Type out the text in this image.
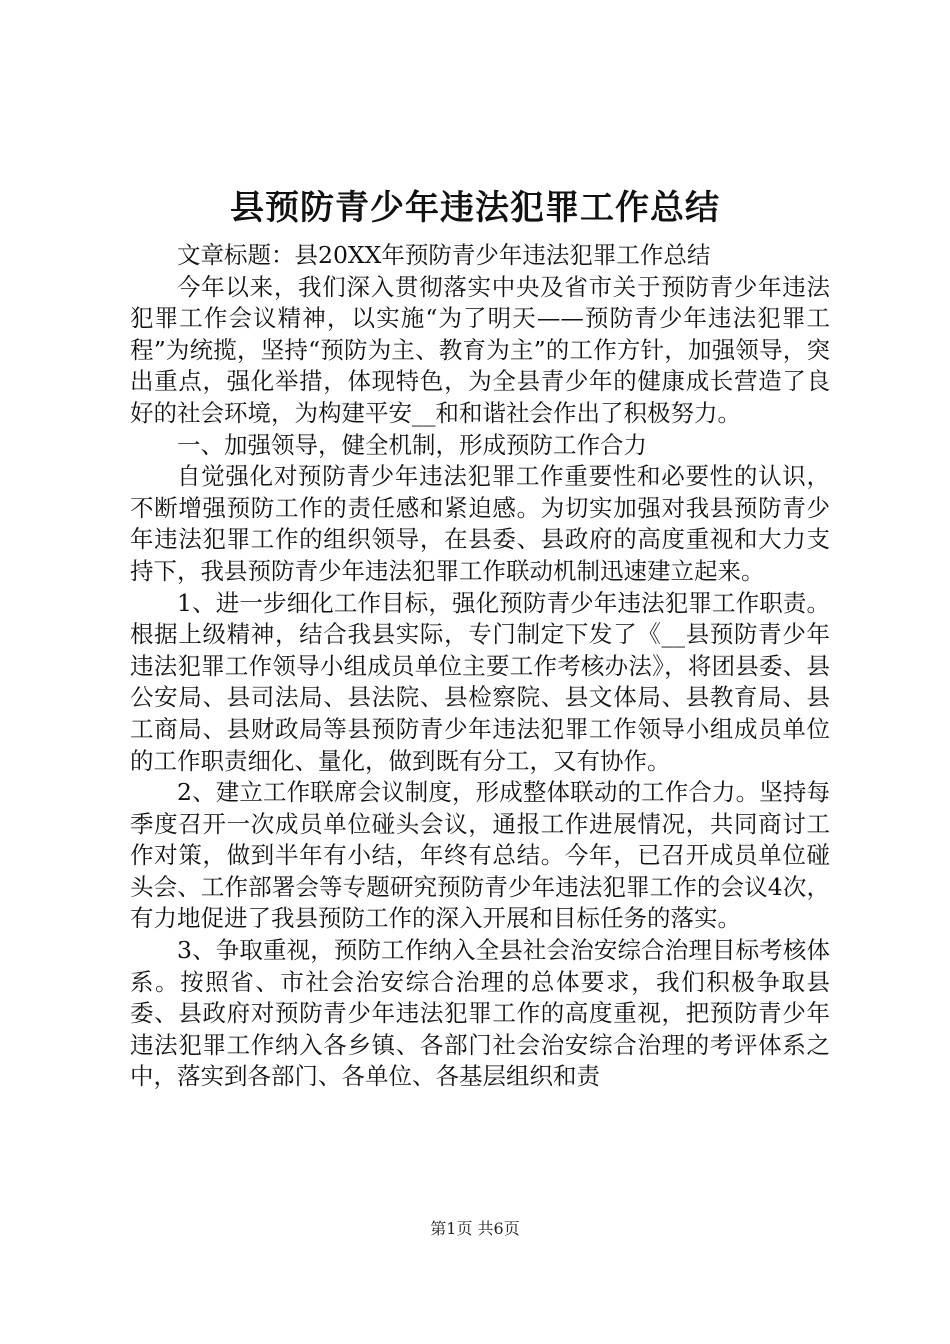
县预防青少年违法犯罪工作总结

文章标题：县20XX年预防青少年违法犯罪工作总结

今年以来，我们深入贯彻落实中央及省市关于预防青少年违法犯罪工作会议精神，以实施“为了明天——预防青少年违法犯罪工程”为统揽，坚持“预防为主、教育为主”的工作方针，加强领导，突出重点，强化举措，体现特色，为全县青少年的健康成长营造了良好的社会环境，为构建平安__和和谐社会作出了积极努力。

一、加强领导，健全机制，形成预防工作合力

自觉强化对预防青少年违法犯罪工作重要性和必要性的认识，不断增强预防工作的责任感和紧迫感。为切实加强对我县预防青少年违法犯罪工作的组织领导，在县委、县政府的高度重视和大力支持下，我县预防青少年违法犯罪工作联动机制迅速建立起来。

1、进一步细化工作目标，强化预防青少年违法犯罪工作职责。根据上级精神，结合我县实际，专门制定下发了《__县预防青少年违法犯罪工作领导小组成员单位主要工作考核办法》，将团县委、县公安局、县司法局、县法院、县检察院、县文体局、县教育局、县工商局、县财政局等县预防青少年违法犯罪工作领导小组成员单位的工作职责细化、量化，做到既有分工，又有协作。

2、建立工作联席会议制度，形成整体联动的工作合力。坚持每季度召开一次成员单位碰头会议，通报工作进展情况，共同商讨工作对策，做到半年有小结，年终有总结。今年，已召开成员单位碰头会、工作部署会等专题研究预防青少年违法犯罪工作的会议4次，有力地促进了我县预防工作的深入开展和目标任务的落实。

3、争取重视，预防工作纳入全县社会治安综合治理目标考核体系。按照省、市社会治安综合治理的总体要求，我们积极争取县委、县政府对预防青少年违法犯罪工作的高度重视，把预防青少年违法犯罪工作纳入各乡镇、各部门社会治安综合治理的考评体系之中，落实到各部门、各单位、各基层组织和责

第1页 共6页
